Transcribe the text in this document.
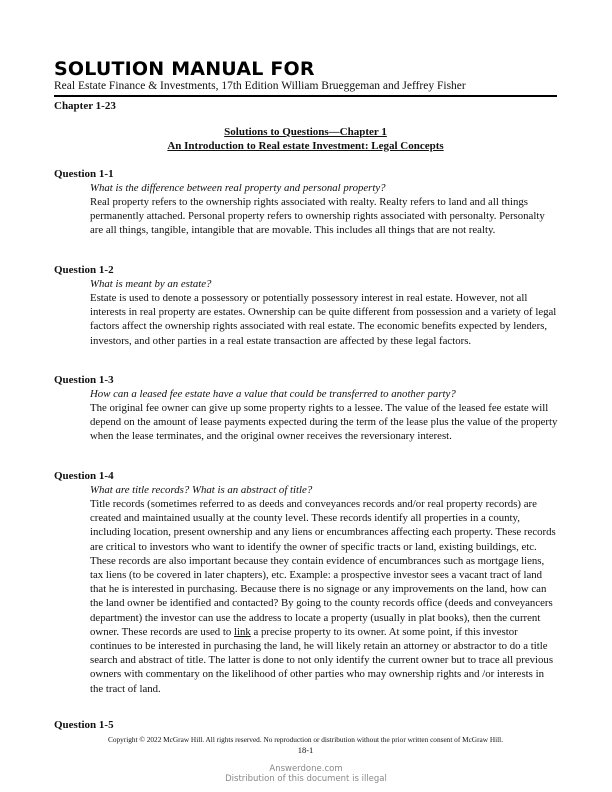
SOLUTION MANUAL FOR
Real Estate Finance & Investments, 17th Edition William Brueggeman and Jeffrey Fisher
Chapter 1-23
Solutions to Questions—Chapter 1
An Introduction to Real estate Investment: Legal Concepts
Question 1-1
What is the difference between real property and personal property?
Real property refers to the ownership rights associated with realty. Realty refers to land and all things permanently attached. Personal property refers to ownership rights associated with personalty. Personalty are all things, tangible, intangible that are movable. This includes all things that are not realty.
Question 1-2
What is meant by an estate?
Estate is used to denote a possessory or potentially possessory interest in real estate. However, not all interests in real property are estates. Ownership can be quite different from possession and a variety of legal factors affect the ownership rights associated with real estate. The economic benefits expected by lenders, investors, and other parties in a real estate transaction are affected by these legal factors.
Question 1-3
How can a leased fee estate have a value that could be transferred to another party?
The original fee owner can give up some property rights to a lessee. The value of the leased fee estate will depend on the amount of lease payments expected during the term of the lease plus the value of the property when the lease terminates, and the original owner receives the reversionary interest.
Question 1-4
What are title records? What is an abstract of title?
Title records (sometimes referred to as deeds and conveyances records and/or real property records) are created and maintained usually at the county level. These records identify all properties in a county, including location, present ownership and any liens or encumbrances affecting each property. These records are critical to investors who want to identify the owner of specific tracts or land, existing buildings, etc. These records are also important because they contain evidence of encumbrances such as mortgage liens, tax liens (to be covered in later chapters), etc. Example: a prospective investor sees a vacant tract of land that he is interested in purchasing. Because there is no signage or any improvements on the land, how can the land owner be identified and contacted? By going to the county records office (deeds and conveyancers department) the investor can use the address to locate a property (usually in plat books), then the current owner. These records are used to link a precise property to its owner. At some point, if this investor continues to be interested in purchasing the land, he will likely retain an attorney or abstractor to do a title search and abstract of title. The latter is done to not only identify the current owner but to trace all previous owners with commentary on the likelihood of other parties who may ownership rights and /or interests in the tract of land.
Question 1-5
Copyright © 2022 McGraw Hill. All rights reserved. No reproduction or distribution without the prior written consent of McGraw Hill.
18-1
Answerdone.com
Distribution of this document is illegal
